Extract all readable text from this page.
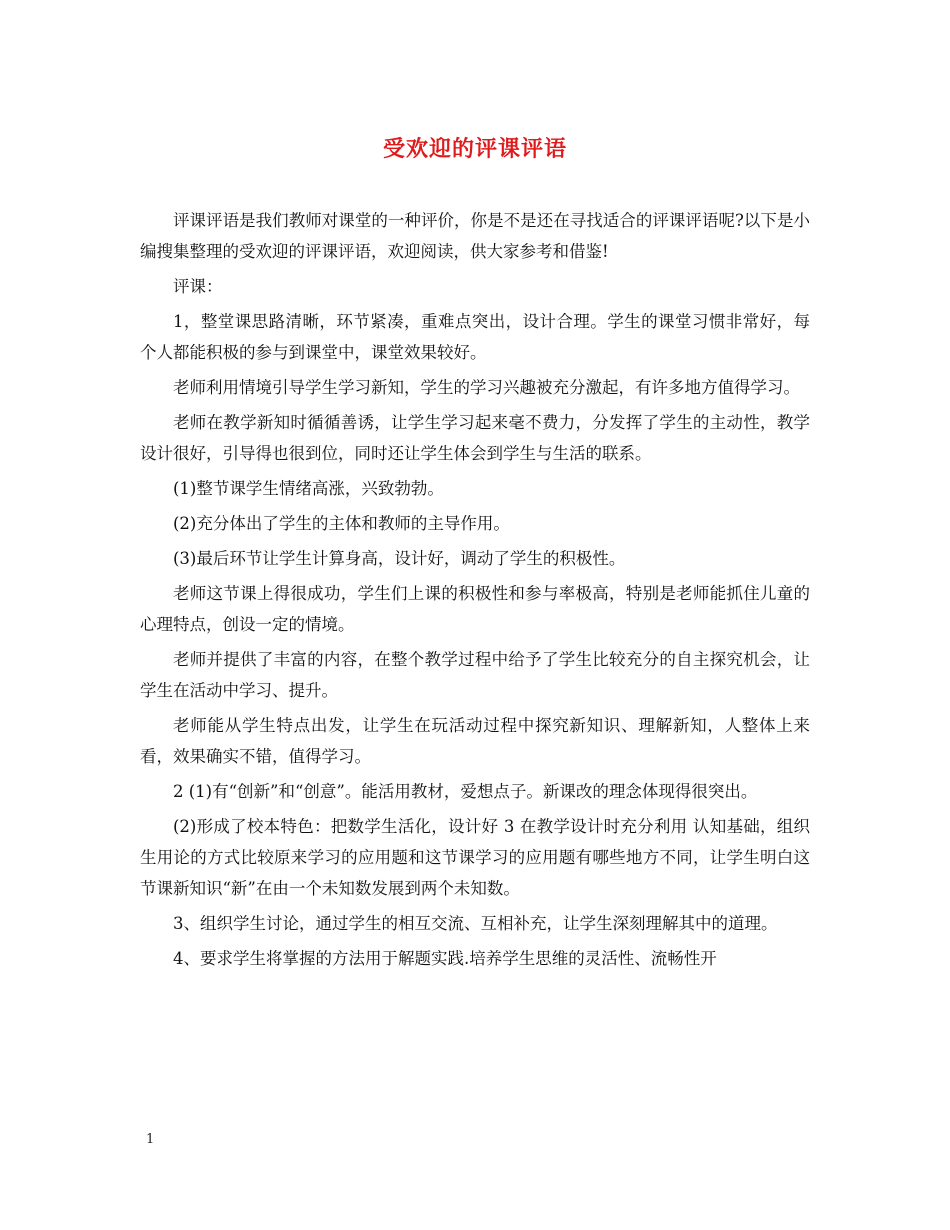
受欢迎的评课评语

评课评语是我们教师对课堂的一种评价，你是不是还在寻找适合的评课评语呢?以下是小编搜集整理的受欢迎的评课评语，欢迎阅读，供大家参考和借鉴!

评课：

1，整堂课思路清晰，环节紧凑，重难点突出，设计合理。学生的课堂习惯非常好，每个人都能积极的参与到课堂中，课堂效果较好。

老师利用情境引导学生学习新知，学生的学习兴趣被充分激起，有许多地方值得学习。

老师在教学新知时循循善诱，让学生学习起来毫不费力，分发挥了学生的主动性，教学设计很好，引导得也很到位，同时还让学生体会到学生与生活的联系。

(1)整节课学生情绪高涨，兴致勃勃。

(2)充分体出了学生的主体和教师的主导作用。

(3)最后环节让学生计算身高，设计好，调动了学生的积极性。

老师这节课上得很成功，学生们上课的积极性和参与率极高，特别是老师能抓住儿童的心理特点，创设一定的情境。

老师并提供了丰富的内容，在整个教学过程中给予了学生比较充分的自主探究机会，让学生在活动中学习、提升。

老师能从学生特点出发，让学生在玩活动过程中探究新知识、理解新知，人整体上来看，效果确实不错，值得学习。

2 (1)有“创新”和“创意”。能活用教材，爱想点子。新课改的理念体现得很突出。

(2)形成了校本特色：把数学生活化，设计好 3 在教学设计时充分利用 认知基础，组织生用论的方式比较原来学习的应用题和这节课学习的应用题有哪些地方不同，让学生明白这节课新知识“新”在由一个未知数发展到两个未知数。

3、组织学生讨论，通过学生的相互交流、互相补充，让学生深刻理解其中的道理。

4、要求学生将掌握的方法用于解题实践.培养学生思维的灵活性、流畅性开

1
